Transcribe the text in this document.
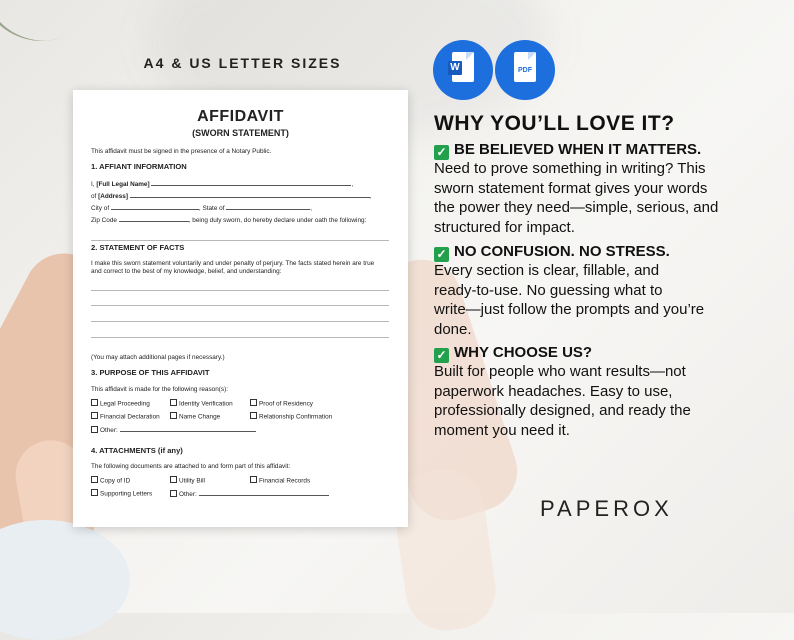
A4 & US LETTER SIZES
AFFIDAVIT
(SWORN STATEMENT)
This affidavit must be signed in the presence of a Notary Public.
1. AFFIANT INFORMATION
I, [Full Legal Name]	,
of [Address]	,
City of	, State of	,
Zip Code	, being duly sworn, do hereby declare under oath the following:
2. STATEMENT OF FACTS
I make this sworn statement voluntarily and under penalty of perjury. The facts stated herein are true
and correct to the best of my knowledge, belief, and understanding:
(You may attach additional pages if necessary.)
3. PURPOSE OF THIS AFFIDAVIT
This affidavit is made for the following reason(s):
Legal Proceeding	Identity Verification	Proof of Residency
Financial Declaration	Name Change	Relationship Confirmation
Other:
4. ATTACHMENTS (if any)
The following documents are attached to and form part of this affidavit:
Copy of ID	Utility Bill	Financial Records
Supporting Letters	Other:
W	PDF
WHY YOU’LL LOVE IT?
✓ BE BELIEVED WHEN IT MATTERS.
Need to prove something in writing? This
sworn statement format gives your words
the power they need—simple, serious, and
structured for impact.
✓ NO CONFUSION. NO STRESS.
Every section is clear, fillable, and
ready-to-use. No guessing what to
write—just follow the prompts and you’re
done.
✓ WHY CHOOSE US?
Built for people who want results—not
paperwork headaches. Easy to use,
professionally designed, and ready the
moment you need it.
PAPEROX
